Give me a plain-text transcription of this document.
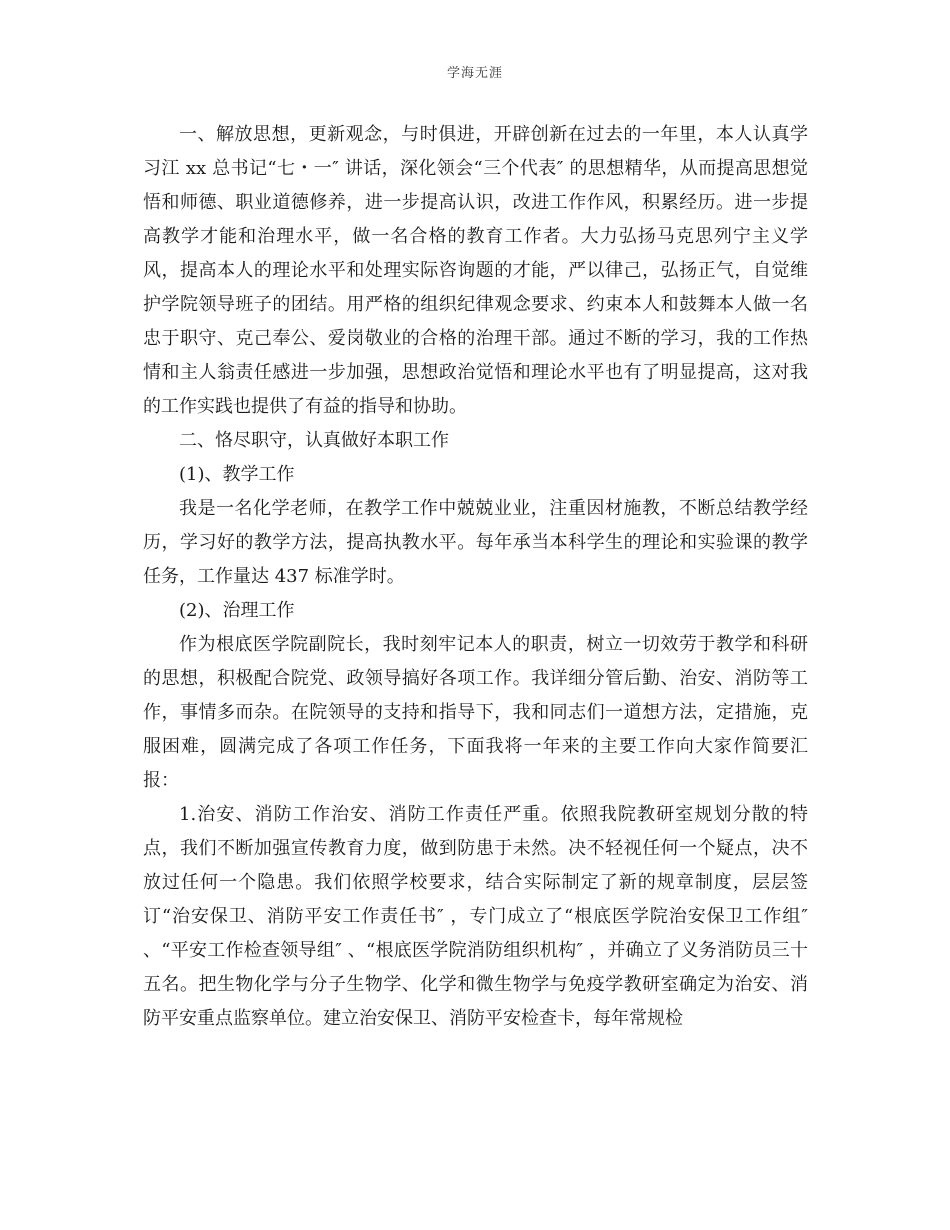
学海无涯

一、解放思想，更新观念，与时俱进，开辟创新在过去的一年里，本人认真学习江 xx 总书记“七・一″ 讲话，深化领会“三个代表″ 的思想精华，从而提高思想觉悟和师德、职业道德修养，进一步提高认识，改进工作作风，积累经历。进一步提高教学才能和治理水平，做一名合格的教育工作者。大力弘扬马克思列宁主义学风，提高本人的理论水平和处理实际咨询题的才能，严以律己，弘扬正气，自觉维护学院领导班子的团结。用严格的组织纪律观念要求、约束本人和鼓舞本人做一名忠于职守、克己奉公、爱岗敬业的合格的治理干部。通过不断的学习，我的工作热情和主人翁责任感进一步加强，思想政治觉悟和理论水平也有了明显提高，这对我的工作实践也提供了有益的指导和协助。

二、恪尽职守，认真做好本职工作

(1)、教学工作

我是一名化学老师，在教学工作中兢兢业业，注重因材施教，不断总结教学经历，学习好的教学方法，提高执教水平。每年承当本科学生的理论和实验课的教学任务，工作量达 437 标准学时。

(2)、治理工作

作为根底医学院副院长，我时刻牢记本人的职责，树立一切效劳于教学和科研的思想，积极配合院党、政领导搞好各项工作。我详细分管后勤、治安、消防等工作，事情多而杂。在院领导的支持和指导下，我和同志们一道想方法，定措施，克服困难，圆满完成了各项工作任务，下面我将一年来的主要工作向大家作简要汇报：

1.治安、消防工作治安、消防工作责任严重。依照我院教研室规划分散的特点，我们不断加强宣传教育力度，做到防患于未然。决不轻视任何一个疑点，决不放过任何一个隐患。我们依照学校要求，结合实际制定了新的规章制度，层层签订“治安保卫、消防平安工作责任书″ ，专门成立了“根底医学院治安保卫工作组″ 、“平安工作检查领导组″ 、“根底医学院消防组织机构″ ，并确立了义务消防员三十五名。把生物化学与分子生物学、化学和微生物学与免疫学教研室确定为治安、消防平安重点监察单位。建立治安保卫、消防平安检查卡，每年常规检
